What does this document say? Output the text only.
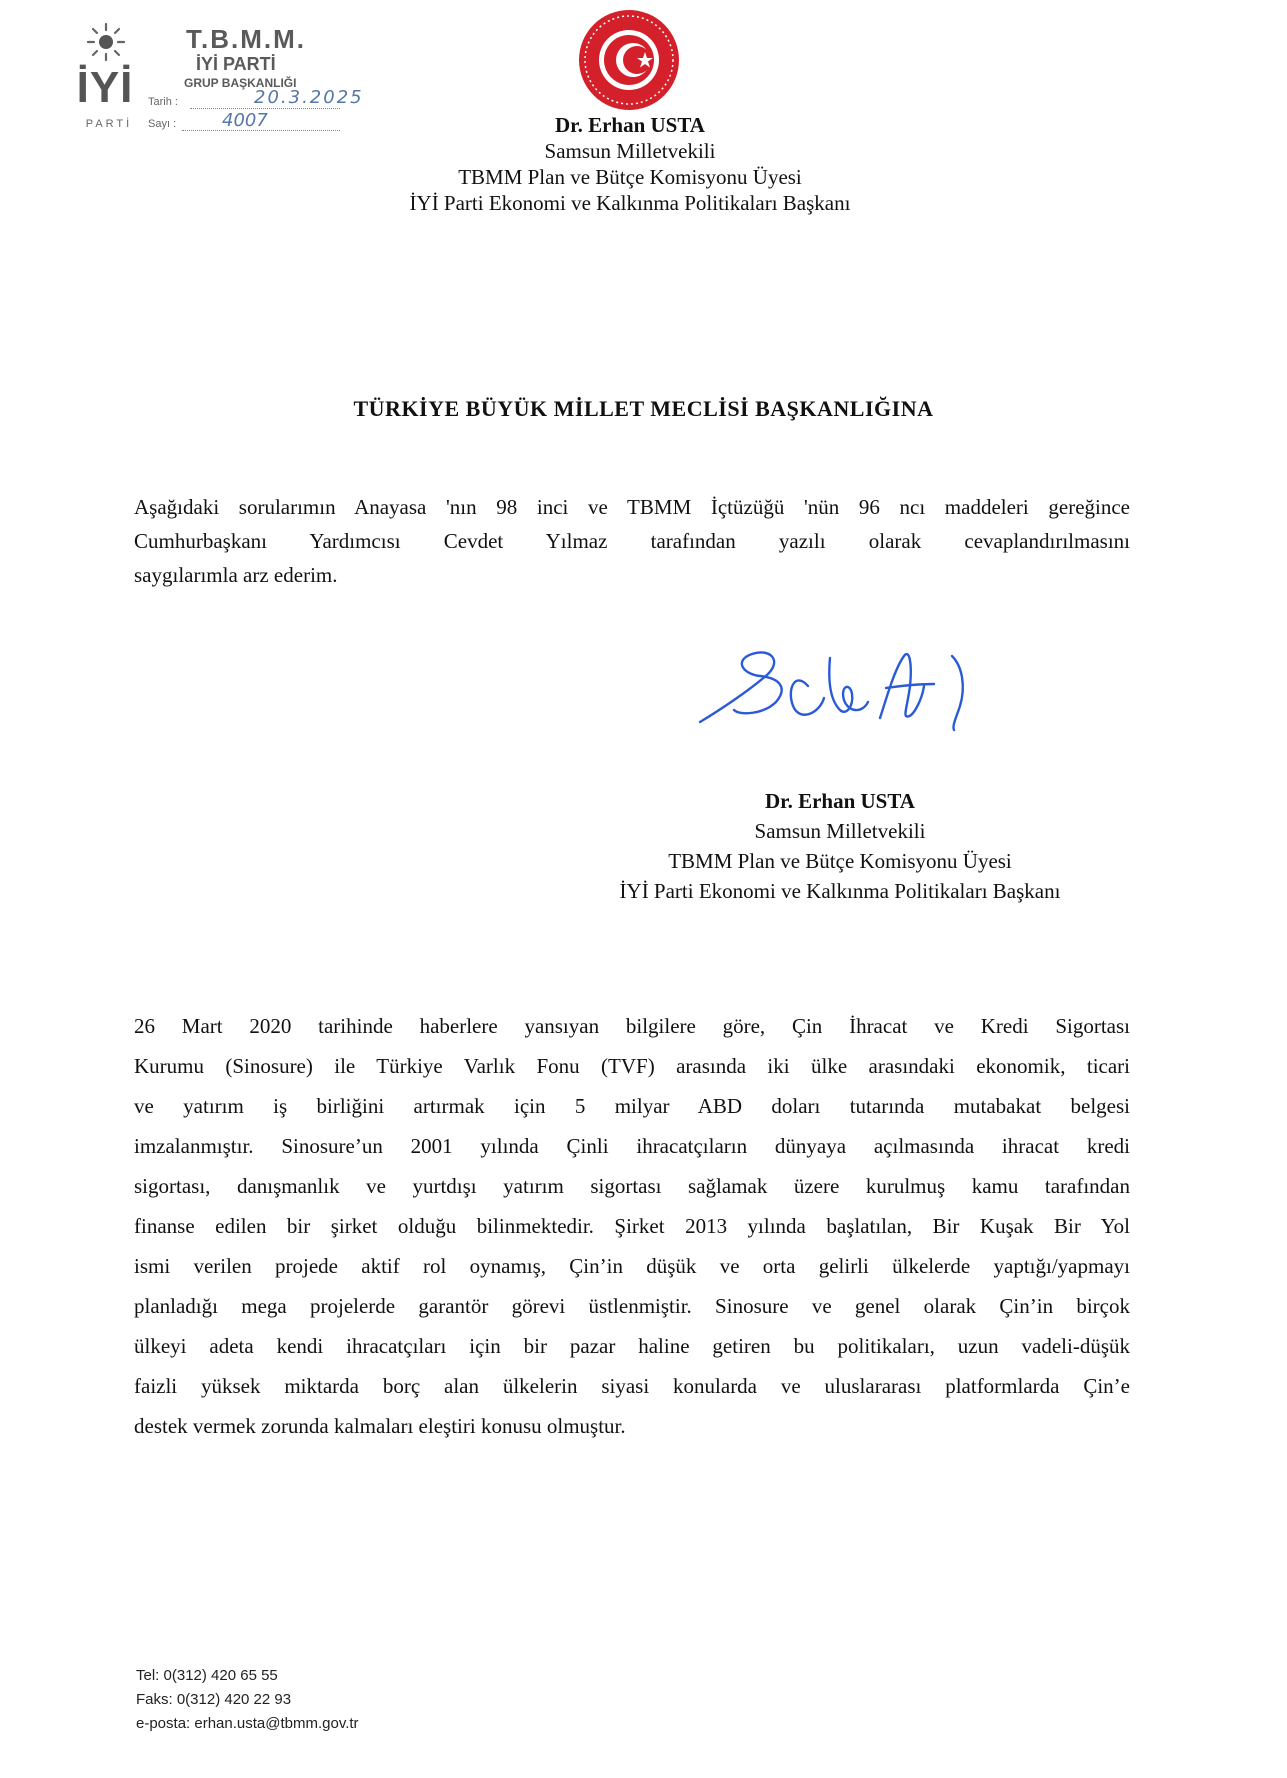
İYİ
PARTİ
T.B.M.M.
İYİ PARTİ
GRUP BAŞKANLIĞI
Tarih :	20.3.2025
Sayı :	4007	Dr. Erhan USTA
Samsun Milletvekili
TBMM Plan ve Bütçe Komisyonu Üyesi
İYİ Parti Ekonomi ve Kalkınma Politikaları Başkanı
TÜRKİYE BÜYÜK MİLLET MECLİSİ BAŞKANLIĞINA
Aşağıdaki sorularımın Anayasa 'nın 98 inci ve TBMM İçtüzüğü 'nün 96 ncı maddeleri gereğince
Cumhurbaşkanı Yardımcısı Cevdet Yılmaz tarafından yazılı olarak cevaplandırılmasını
saygılarımla arz ederim.
Dr. Erhan USTA
Samsun Milletvekili
TBMM Plan ve Bütçe Komisyonu Üyesi
İYİ Parti Ekonomi ve Kalkınma Politikaları Başkanı
26 Mart 2020 tarihinde haberlere yansıyan bilgilere göre, Çin İhracat ve Kredi Sigortası
Kurumu (Sinosure) ile Türkiye Varlık Fonu (TVF) arasında iki ülke arasındaki ekonomik, ticari
ve yatırım iş birliğini artırmak için 5 milyar ABD doları tutarında mutabakat belgesi
imzalanmıştır. Sinosure’un 2001 yılında Çinli ihracatçıların dünyaya açılmasında ihracat kredi
sigortası, danışmanlık ve yurtdışı yatırım sigortası sağlamak üzere kurulmuş kamu tarafından
finanse edilen bir şirket olduğu bilinmektedir. Şirket 2013 yılında başlatılan, Bir Kuşak Bir Yol
ismi verilen projede aktif rol oynamış, Çin’in düşük ve orta gelirli ülkelerde yaptığı/yapmayı
planladığı mega projelerde garantör görevi üstlenmiştir. Sinosure ve genel olarak Çin’in birçok
ülkeyi adeta kendi ihracatçıları için bir pazar haline getiren bu politikaları, uzun vadeli-düşük
faizli yüksek miktarda borç alan ülkelerin siyasi konularda ve uluslararası platformlarda Çin’e
destek vermek zorunda kalmaları eleştiri konusu olmuştur.
Tel: 0(312) 420 65 55
Faks: 0(312) 420 22 93
e-posta: erhan.usta@tbmm.gov.tr
